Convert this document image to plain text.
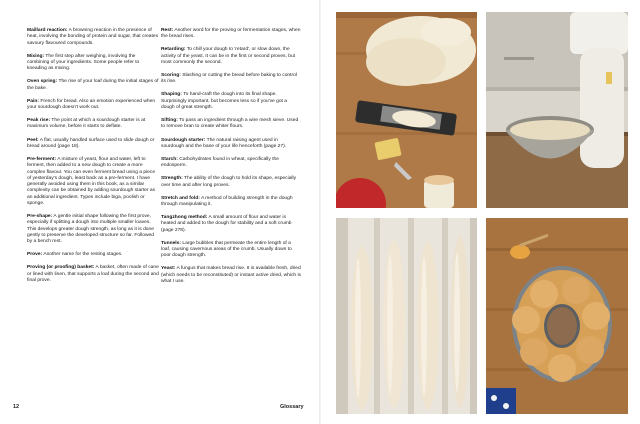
Maillard reaction: A browning reaction in the presence of heat, involving the bonding of protein and sugar, that creates savoury flavoured compounds.

Mixing: The first step after weighing, involving the combining of your ingredients. Some people refer to kneading as mixing.

Oven spring: The rise of your loaf during the initial stages of the bake.

Pain: French for bread. Also an emotion experienced when your sourdough doesn't work out.

Peak rise: The point at which a sourdough starter is at maximum volume, before it starts to deflate.

Peel: A flat, usually handled surface used to slide dough or bread around (page 18).

Pre-ferment: A mixture of yeast, flour and water, left to ferment, then added to a new dough to create a more complex flavour. You can even ferment bread using a piece of yesterday's dough, least back as a pre-ferment. I have generally avoided using them in this book, as a similar complexity can be obtained by adding sourdough starter as an additional ingredient. Types include biga, poolish or sponge.

Pre-shape: A gentle initial shape following the first prove, especially if splitting a dough into multiple smaller loaves. This develops greater dough strength, as long as it is done gently to preserve the developed structure so far. Followed by a bench rest.

Prove: Another name for the resting stages.

Proving (or proofing) basket: A basket, often made of cane or lined with linen, that supports a loaf during the second and final prove.

Rest: Another word for the proving or fermentation stages, when the bread rises.

Retarding: To chill your dough to 'retard', or slow down, the activity of the yeast. It can be in the first or second proves, but most commonly the second.

Scoring: Slashing or cutting the bread before baking to control its rise.

Shaping: To hand-craft the dough into its final shape. Surprisingly important, but becomes less so if you've got a dough of great strength.

Sifting: To pass an ingredient through a wire mesh sieve. Used to remove bran to create whiter flours.

Sourdough starter: The natural raising agent used in sourdough and the bane of your life henceforth (page 27).

Starch: Carbohydrates found in wheat, specifically the endosperm.

Strength: The ability of the dough to hold its shape, especially over time and after long proves.

Stretch and fold: A method of building strength in the dough through manipulating it.

Tangzhong method: A small amount of flour and water is heated and added to the dough for stability and a soft crumb (page 278).

Tunnels: Large bubbles that permeate the entire length of a loaf, causing cavernous areas of the crumb. Usually down to poor dough strength.

Yeast: A fungus that makes bread rise. It is available fresh, dried (which needs to be reconstituted) or instant active dried, which is what I use.

12	Glossary
